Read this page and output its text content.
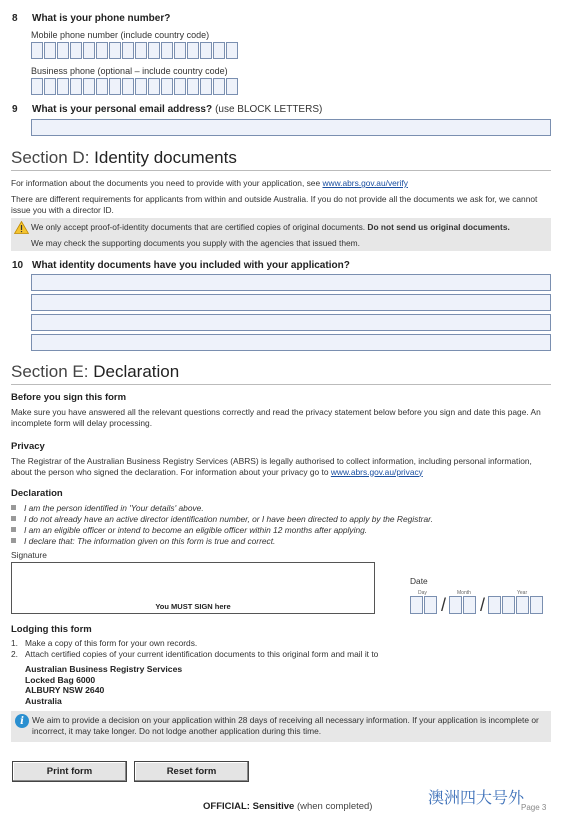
8	What is your phone number?
Mobile phone number (include country code)
Business phone (optional – include country code)
9	What is your personal email address? (use BLOCK LETTERS)
Section D: Identity documents
For information about the documents you need to provide with your application, see www.abrs.gov.au/verify
There are different requirements for applicants from within and outside Australia. If you do not provide all the documents we ask for, we cannot issue you with a director ID.
We only accept proof-of-identity documents that are certified copies of original documents. Do not send us original documents.
We may check the supporting documents you supply with the agencies that issued them.
10 What identity documents have you included with your application?
Section E: Declaration
Before you sign this form
Make sure you have answered all the relevant questions correctly and read the privacy statement below before you sign and date this page. An incomplete form will delay processing.
Privacy
The Registrar of the Australian Business Registry Services (ABRS) is legally authorised to collect information, including personal information, about the person who signed the declaration. For information about your privacy go to www.abrs.gov.au/privacy
Declaration
I am the person identified in 'Your details' above.
I do not already have an active director identification number, or I have been directed to apply by the Registrar.
I am an eligible officer or intend to become an eligible officer within 12 months after applying.
I declare that: The information given on this form is true and correct.
Signature
You MUST SIGN here
Date
Day	Month	Year
/ /
Lodging this form
1. Make a copy of this form for your own records.
2. Attach certified copies of your current identification documents to this original form and mail it to
Australian Business Registry Services
Locked Bag 6000
ALBURY NSW 2640
Australia
i We aim to provide a decision on your application within 28 days of receiving all necessary information. If your application is incomplete or incorrect, it may take longer. Do not lodge another application during this time.
Print form	Reset form
OFFICIAL: Sensitive (when completed)	澳洲四大号外
Page 3
